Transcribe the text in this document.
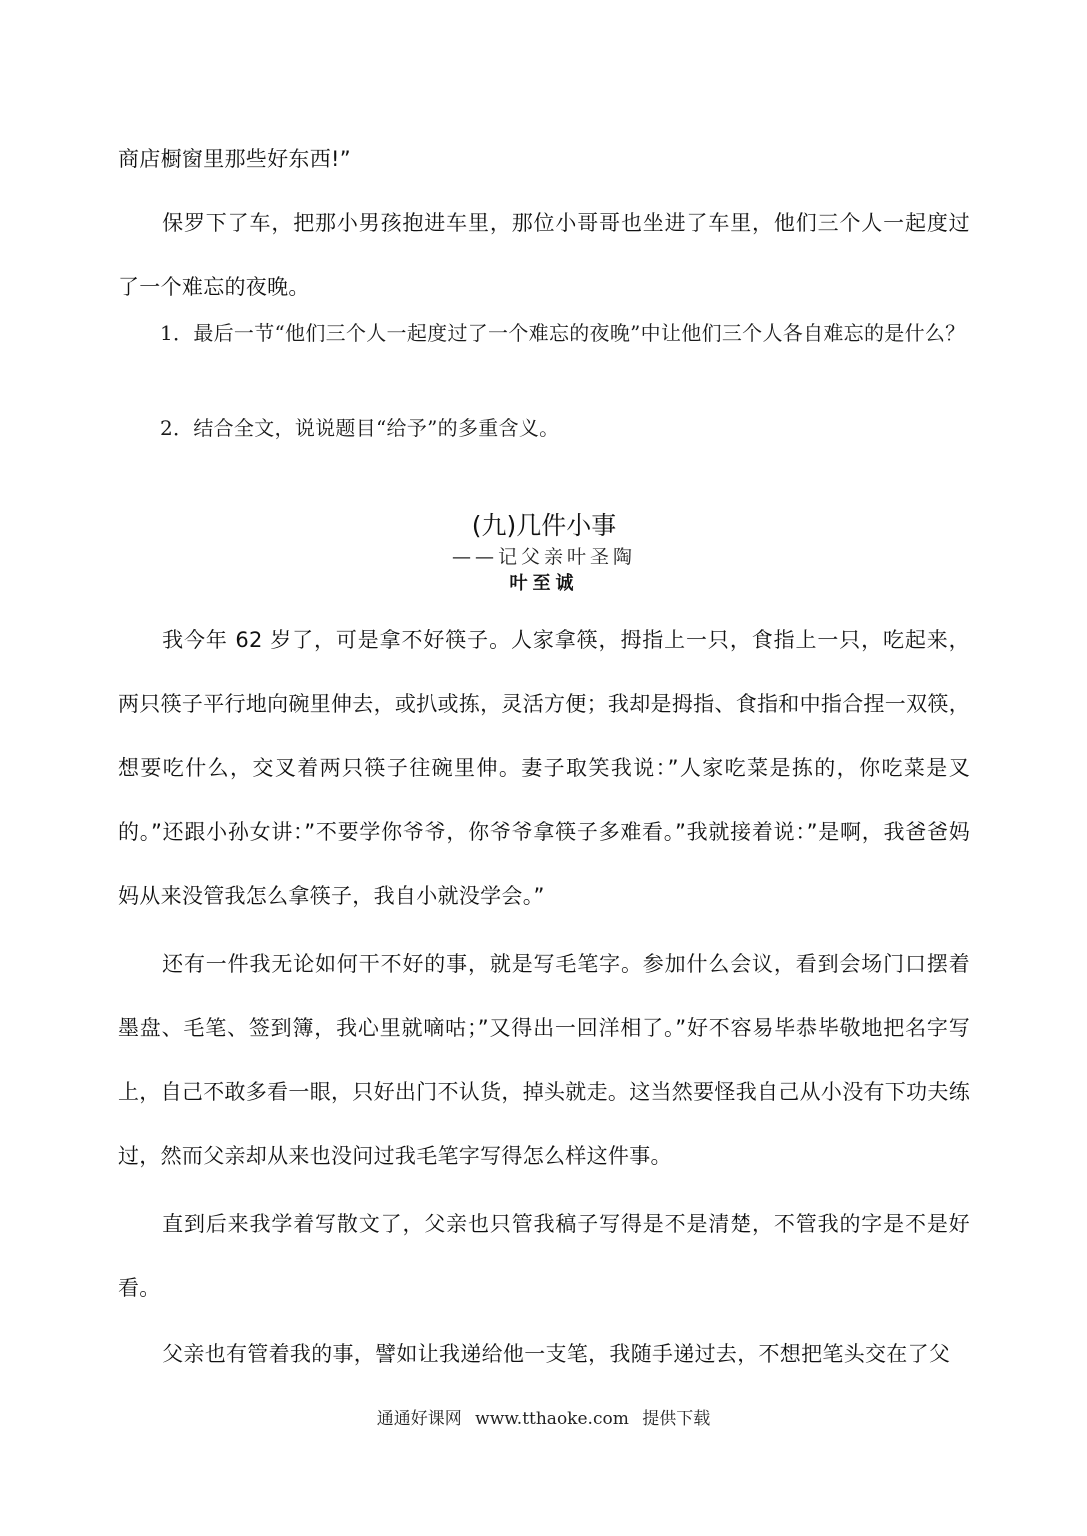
商店橱窗里那些好东西!”

保罗下了车，把那小男孩抱进车里，那位小哥哥也坐进了车里，他们三个人一起度过了一个难忘的夜晚。

1．最后一节“他们三个人一起度过了一个难忘的夜晚”中让他们三个人各自难忘的是什么？

2．结合全文，说说题目“给予”的多重含义。

(九)几件小事
——记父亲叶圣陶
叶至诚

我今年 62 岁了，可是拿不好筷子。人家拿筷，拇指上一只，食指上一只，吃起来，两只筷子平行地向碗里伸去，或扒或拣，灵活方便；我却是拇指、食指和中指合捏一双筷，想要吃什么，交叉着两只筷子往碗里伸。妻子取笑我说：”人家吃菜是拣的，你吃菜是叉的。”还跟小孙女讲：”不要学你爷爷，你爷爷拿筷子多难看。”我就接着说：”是啊，我爸爸妈妈从来没管我怎么拿筷子，我自小就没学会。”

还有一件我无论如何干不好的事，就是写毛笔字。参加什么会议，看到会场门口摆着墨盘、毛笔、签到簿，我心里就嘀咕；”又得出一回洋相了。”好不容易毕恭毕敬地把名字写上，自己不敢多看一眼，只好出门不认货，掉头就走。这当然要怪我自己从小没有下功夫练过，然而父亲却从来也没问过我毛笔字写得怎么样这件事。

直到后来我学着写散文了，父亲也只管我稿子写得是不是清楚，不管我的字是不是好看。

父亲也有管着我的事，譬如让我递给他一支笔，我随手递过去，不想把笔头交在了父

通通好课网 www.tthaoke.com 提供下载
